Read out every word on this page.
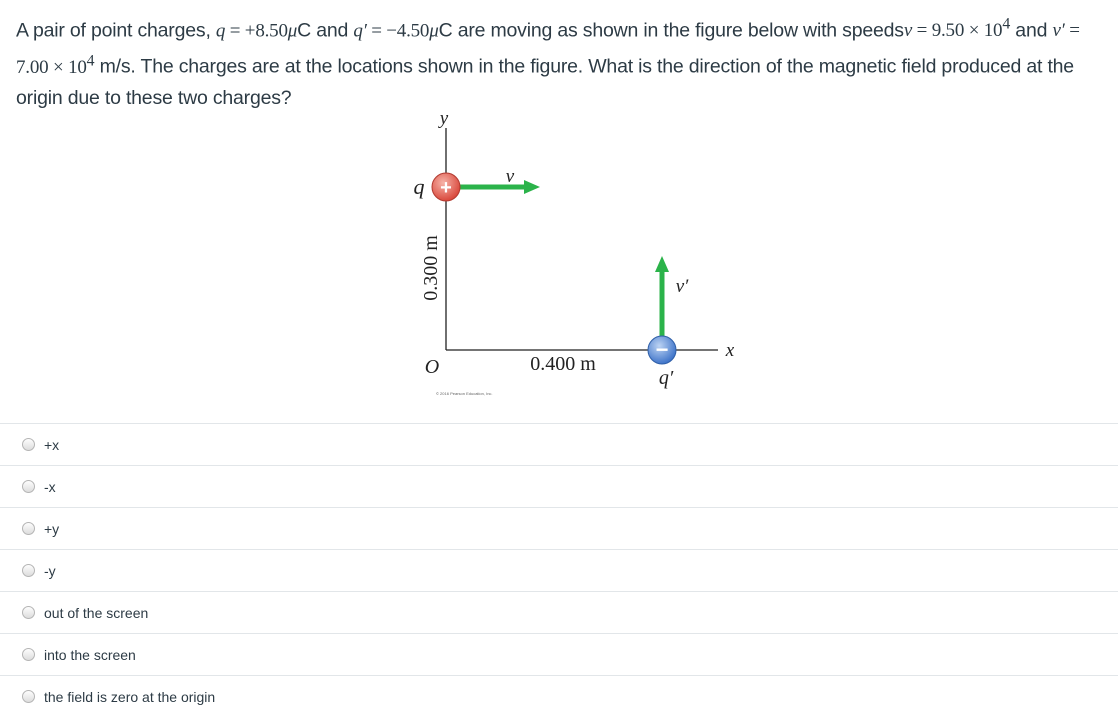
A pair of point charges, q = +8.50μC and q′ = −4.50μC are moving as shown in the figure below with speedsv = $9.50 \times 10^4$ and $v' = 7.00 \times 10^4$ m/s. The charges are at the locations shown in the figure. What is the direction of the magnetic field produced at the origin due to these two charges?
y
x
O
v
v′
+
q
−
q′
0.300 m
0.400 m
© 2016 Pearson Education, Inc.
+x
-x
+y
-y
out of the screen
into the screen
the field is zero at the origin
